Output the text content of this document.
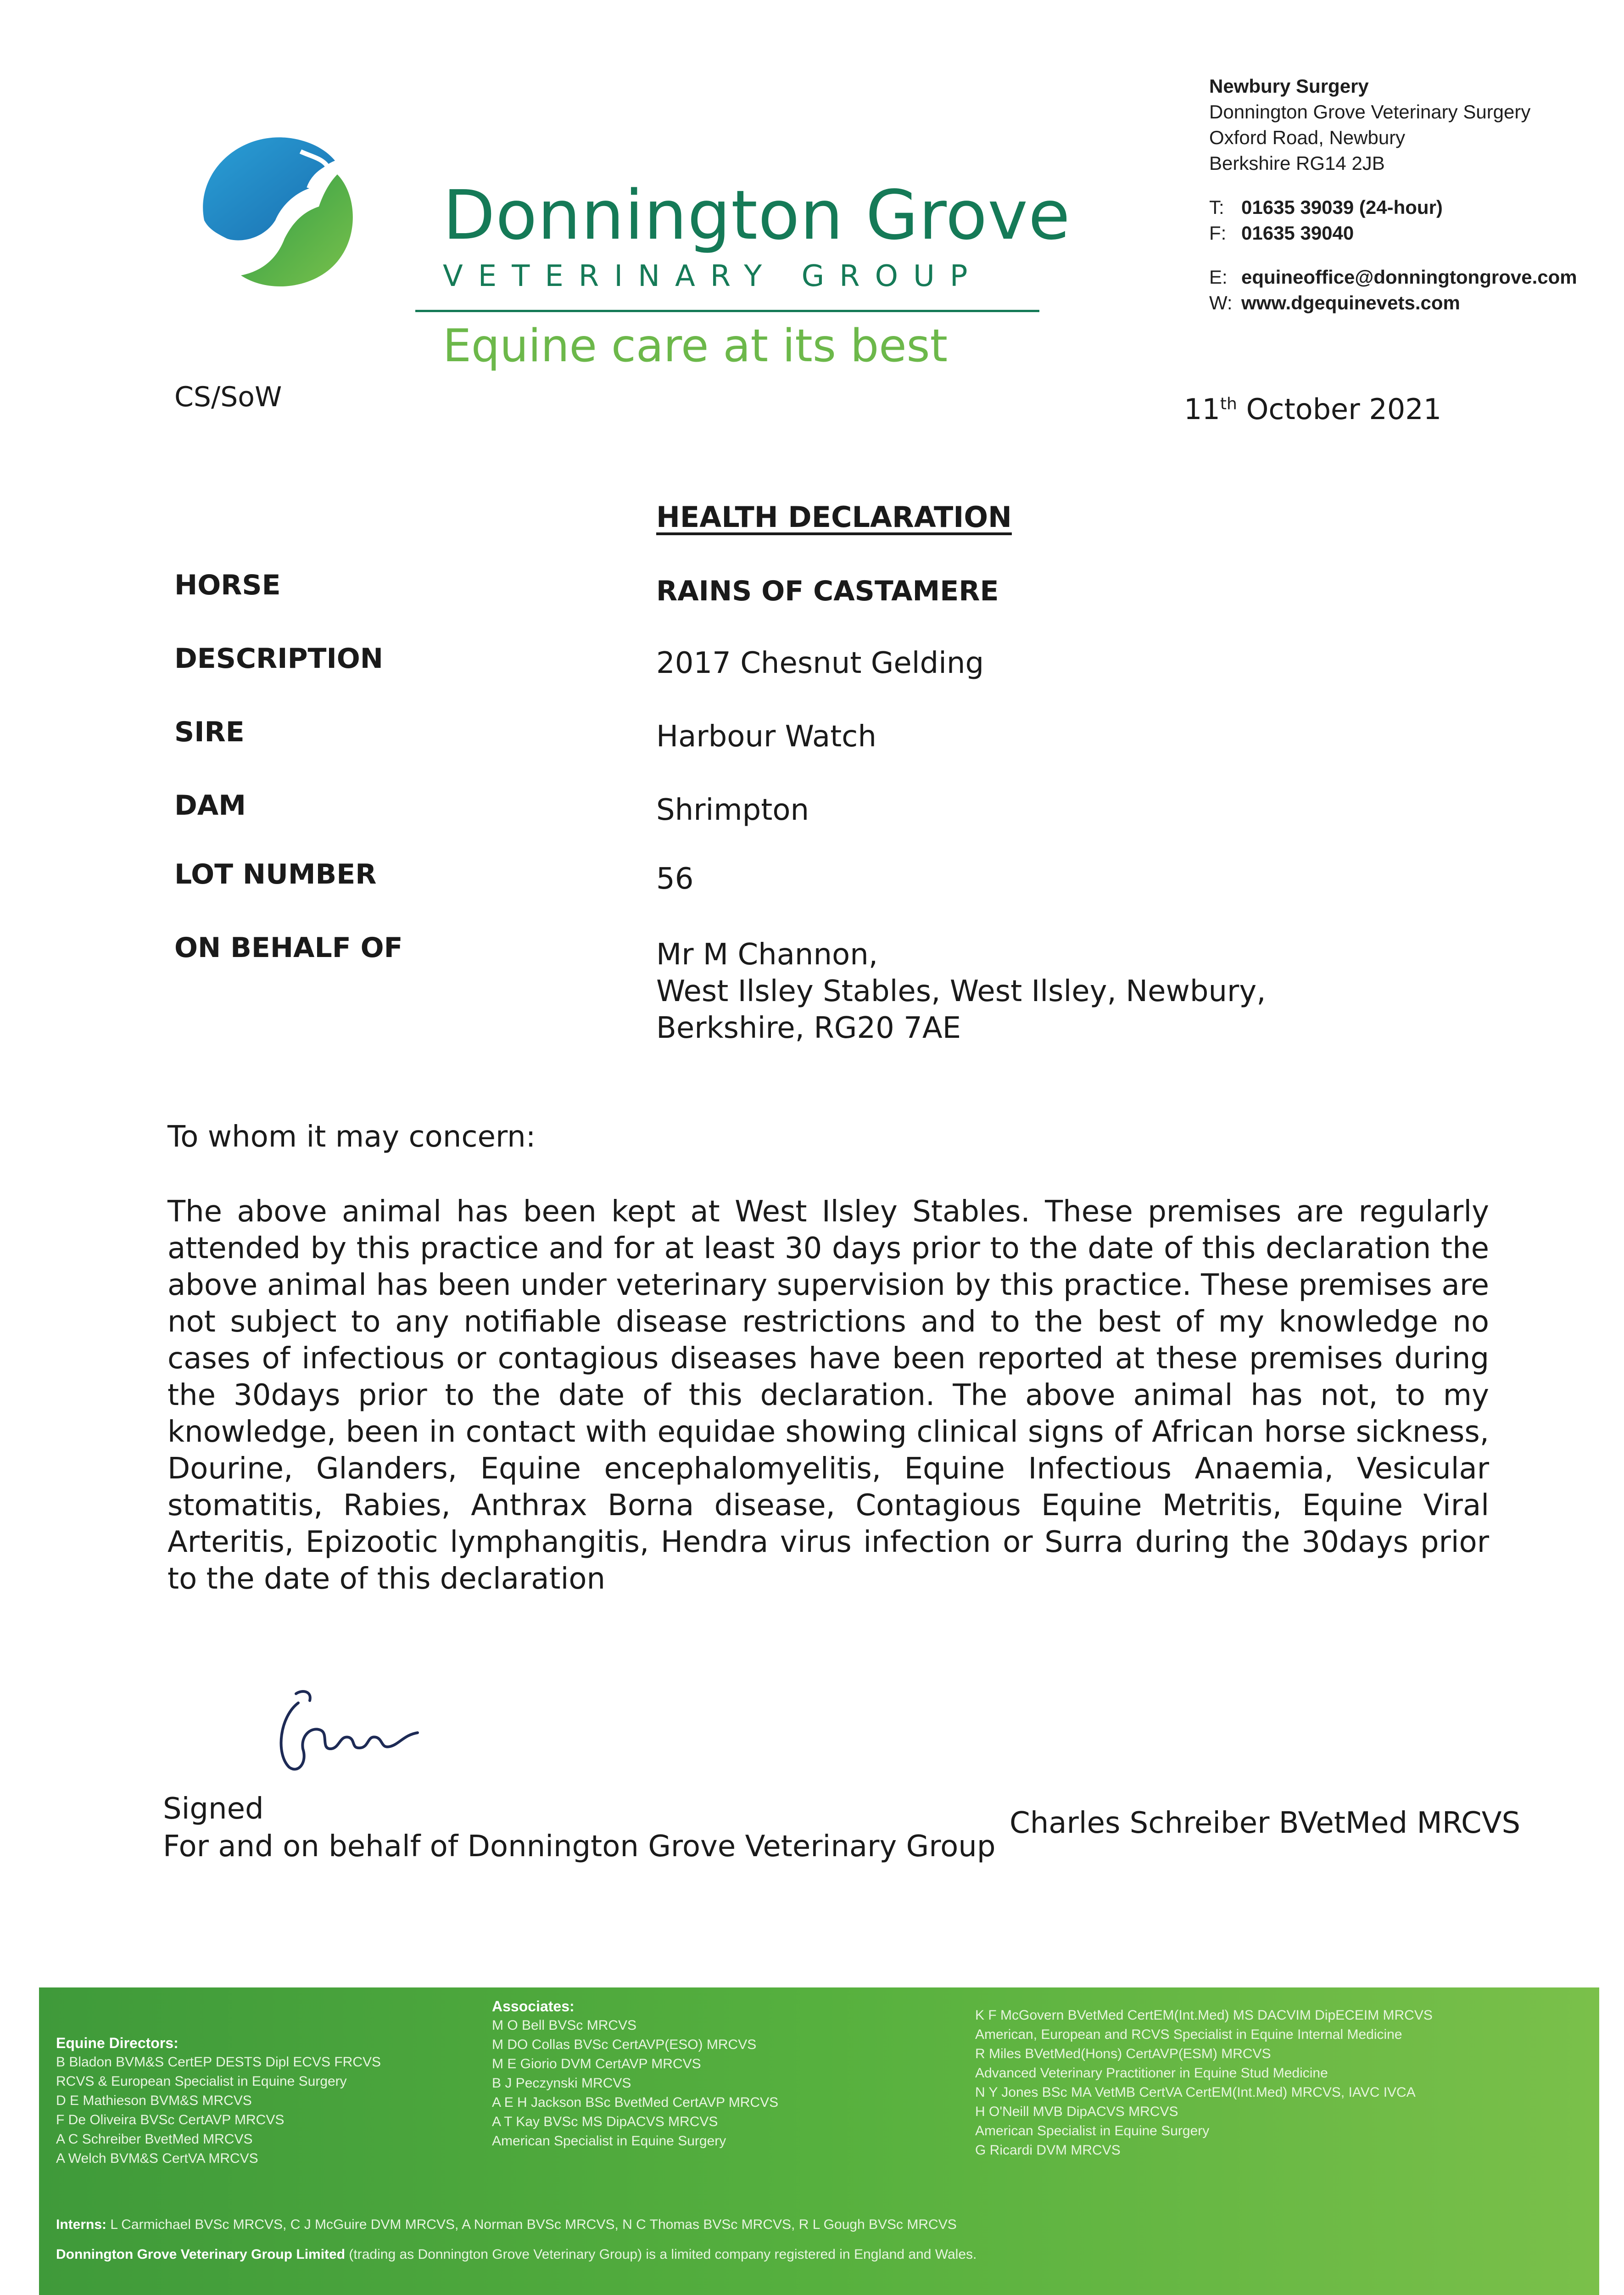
Donnington Grove
VETERINARY GROUP
Equine care at its best
Newbury Surgery
Donnington Grove Veterinary Surgery
Oxford Road, Newbury
Berkshire RG14 2JB
T: 01635 39039 (24-hour)
F: 01635 39040
E: equineoffice@donningtongrove.com
W: www.dgequinevets.com
CS/SoW	11th October 2021
HEALTH DECLARATION
HORSE	RAINS OF CASTAMERE
DESCRIPTION	2017 Chesnut Gelding
SIRE	Harbour Watch
DAM	Shrimpton
LOT NUMBER	56
ON BEHALF OF	Mr M Channon,
West Ilsley Stables, West Ilsley, Newbury,
Berkshire, RG20 7AE
To whom it may concern:
The above animal has been kept at West Ilsley Stables. These premises are regularly attended by this practice and for at least 30 days prior to the date of this declaration the above animal has been under veterinary supervision by this practice. These premises are not subject to any notifiable disease restrictions and to the best of my knowledge no cases of infectious or contagious diseases have been reported at these premises during the 30days prior to the date of this declaration. The above animal has not, to my knowledge, been in contact with equidae showing clinical signs of African horse sickness, Dourine, Glanders, Equine encephalomyelitis, Equine Infectious Anaemia, Vesicular stomatitis, Rabies, Anthrax Borna disease, Contagious Equine Metritis, Equine Viral Arteritis, Epizootic lymphangitis, Hendra virus infection or Surra during the 30days prior to the date of this declaration
Signed
For and on behalf of Donnington Grove Veterinary Group
Charles Schreiber BVetMed MRCVS
Equine Directors:
B Bladon BVM&S CertEP DESTS Dipl ECVS FRCVS
RCVS & European Specialist in Equine Surgery
D E Mathieson BVM&S MRCVS
F De Oliveira BVSc CertAVP MRCVS
A C Schreiber BvetMed MRCVS
A Welch BVM&S CertVA MRCVS
Associates:
M O Bell BVSc MRCVS
M DO Collas BVSc CertAVP(ESO) MRCVS
M E Giorio DVM CertAVP MRCVS
B J Peczynski MRCVS
A E H Jackson BSc BvetMed CertAVP MRCVS
A T Kay BVSc MS DipACVS MRCVS
American Specialist in Equine Surgery
K F McGovern BVetMed CertEM(Int.Med) MS DACVIM DipECEIM MRCVS
American, European and RCVS Specialist in Equine Internal Medicine
R Miles BVetMed(Hons) CertAVP(ESM) MRCVS
Advanced Veterinary Practitioner in Equine Stud Medicine
N Y Jones BSc MA VetMB CertVA CertEM(Int.Med) MRCVS, IAVC IVCA
H O'Neill MVB DipACVS MRCVS
American Specialist in Equine Surgery
G Ricardi DVM MRCVS
Interns: L Carmichael BVSc MRCVS, C J McGuire DVM MRCVS, A Norman BVSc MRCVS, N C Thomas BVSc MRCVS, R L Gough BVSc MRCVS
Donnington Grove Veterinary Group Limited (trading as Donnington Grove Veterinary Group) is a limited company registered in England and Wales.
